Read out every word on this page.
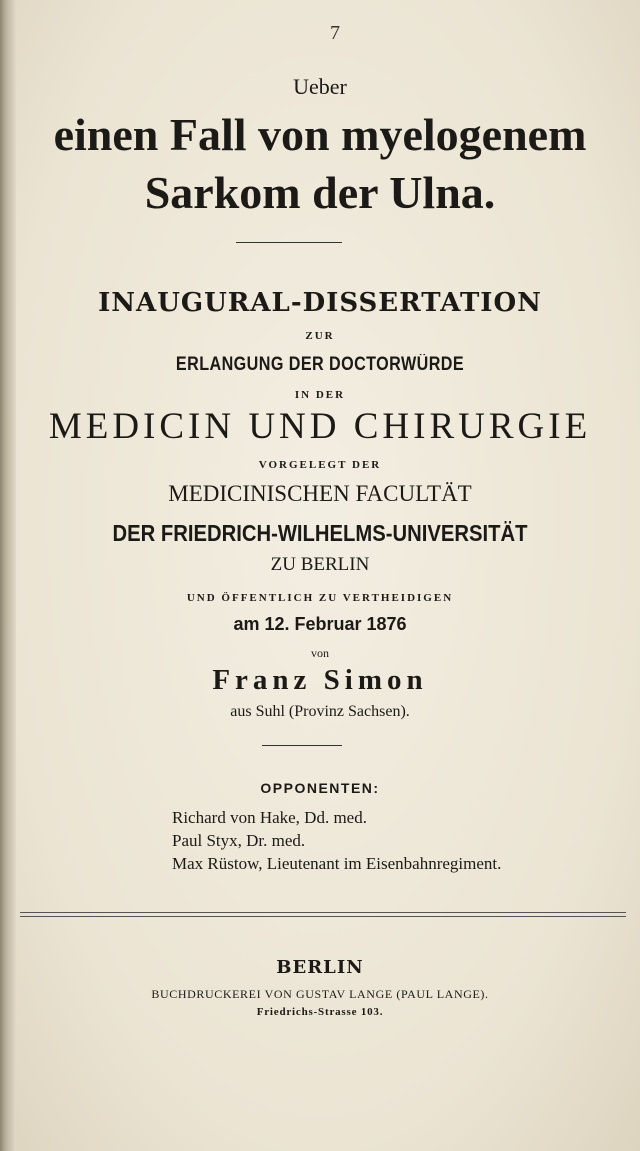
7
Ueber
einen Fall von myelogenem
Sarkom der Ulna.
INAUGURAL-DISSERTATION
ZUR
ERLANGUNG DER DOCTORWÜRDE
IN DER
MEDICIN UND CHIRURGIE
VORGELEGT DER
MEDICINISCHEN FACULTÄT
DER FRIEDRICH-WILHELMS-UNIVERSITÄT
ZU BERLIN
UND ÖFFENTLICH ZU VERTHEIDIGEN
am 12. Februar 1876
von
Franz Simon
aus Suhl (Provinz Sachsen).
OPPONENTEN:
Richard von Hake, Dd. med.
Paul Styx, Dr. med.
Max Rüstow, Lieutenant im Eisenbahnregiment.
BERLIN
BUCHDRUCKEREI VON GUSTAV LANGE (PAUL LANGE).
Friedrichs-Strasse 103.
